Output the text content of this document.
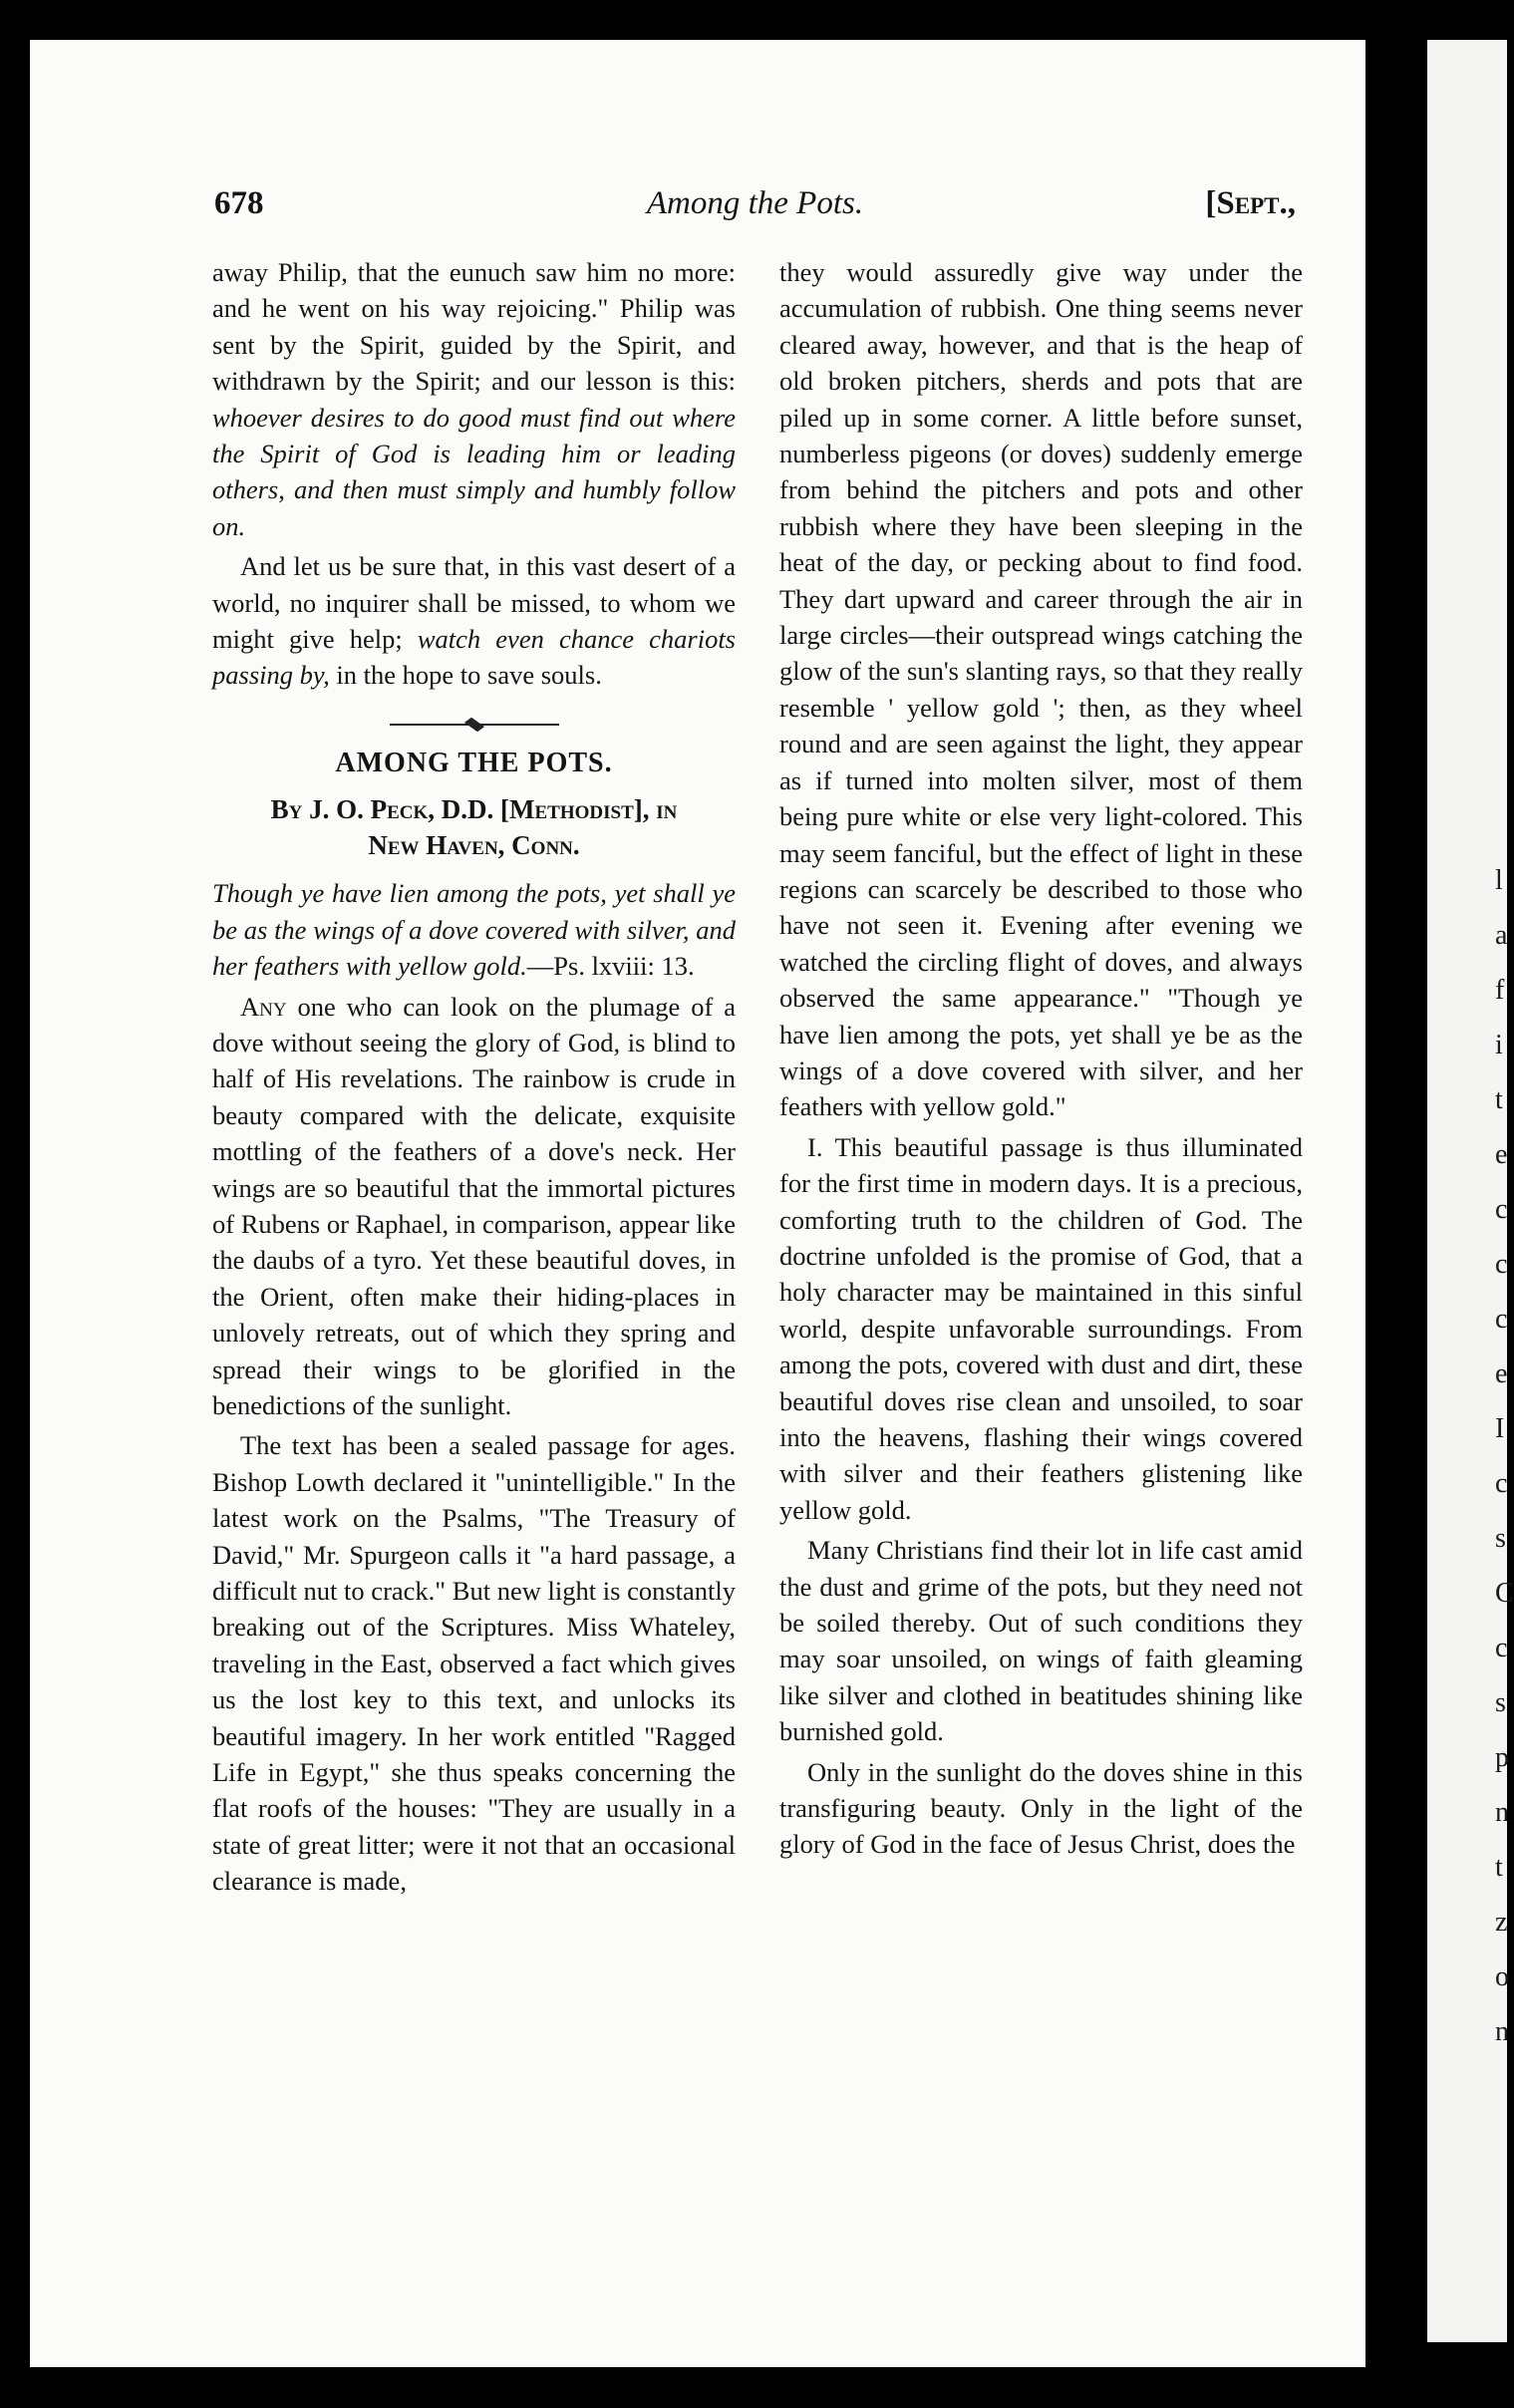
l
a
f
i
t
e
c
c
c
e
I
c
s
C
c
s
p
n
t
z
o
n
678	Among the Pots.	[Sept.,

away Philip, that the eunuch saw him no more: and he went on his way rejoicing." Philip was sent by the Spirit, guided by the Spirit, and withdrawn by the Spirit; and our lesson is this: whoever desires to do good must find out where the Spirit of God is leading him or leading others, and then must simply and humbly follow on.

And let us be sure that, in this vast desert of a world, no inquirer shall be missed, to whom we might give help; watch even chance chariots passing by, in the hope to save souls.

AMONG THE POTS.
By J. O. Peck, D.D. [Methodist], in
New Haven, Conn.

Though ye have lien among the pots, yet shall ye be as the wings of a dove covered with silver, and her feathers with yellow gold.—Ps. lxviii: 13.

Any one who can look on the plumage of a dove without seeing the glory of God, is blind to half of His revelations. The rainbow is crude in beauty compared with the delicate, exquisite mottling of the feathers of a dove's neck. Her wings are so beautiful that the immortal pictures of Rubens or Raphael, in comparison, appear like the daubs of a tyro. Yet these beautiful doves, in the Orient, often make their hiding-places in unlovely retreats, out of which they spring and spread their wings to be glorified in the benedictions of the sunlight.

The text has been a sealed passage for ages. Bishop Lowth declared it "unintelligible." In the latest work on the Psalms, "The Treasury of David," Mr. Spurgeon calls it "a hard passage, a difficult nut to crack." But new light is constantly breaking out of the Scriptures. Miss Whateley, traveling in the East, observed a fact which gives us the lost key to this text, and unlocks its beautiful imagery. In her work entitled "Ragged Life in Egypt," she thus speaks concerning the flat roofs of the houses: "They are usually in a state of great litter; were it not that an occasional clearance is made,

they would assuredly give way under the accumulation of rubbish. One thing seems never cleared away, however, and that is the heap of old broken pitchers, sherds and pots that are piled up in some corner. A little before sunset, numberless pigeons (or doves) suddenly emerge from behind the pitchers and pots and other rubbish where they have been sleeping in the heat of the day, or pecking about to find food. They dart upward and career through the air in large circles—their outspread wings catching the glow of the sun's slanting rays, so that they really resemble ' yellow gold '; then, as they wheel round and are seen against the light, they appear as if turned into molten silver, most of them being pure white or else very light-colored. This may seem fanciful, but the effect of light in these regions can scarcely be described to those who have not seen it. Evening after evening we watched the circling flight of doves, and always observed the same appearance." "Though ye have lien among the pots, yet shall ye be as the wings of a dove covered with silver, and her feathers with yellow gold."

I. This beautiful passage is thus illuminated for the first time in modern days. It is a precious, comforting truth to the children of God. The doctrine unfolded is the promise of God, that a holy character may be maintained in this sinful world, despite unfavorable surroundings. From among the pots, covered with dust and dirt, these beautiful doves rise clean and unsoiled, to soar into the heavens, flashing their wings covered with silver and their feathers glistening like yellow gold.

Many Christians find their lot in life cast amid the dust and grime of the pots, but they need not be soiled thereby. Out of such conditions they may soar unsoiled, on wings of faith gleaming like silver and clothed in beatitudes shining like burnished gold.

Only in the sunlight do the doves shine in this transfiguring beauty. Only in the light of the glory of God in the face of Jesus Christ, does the
